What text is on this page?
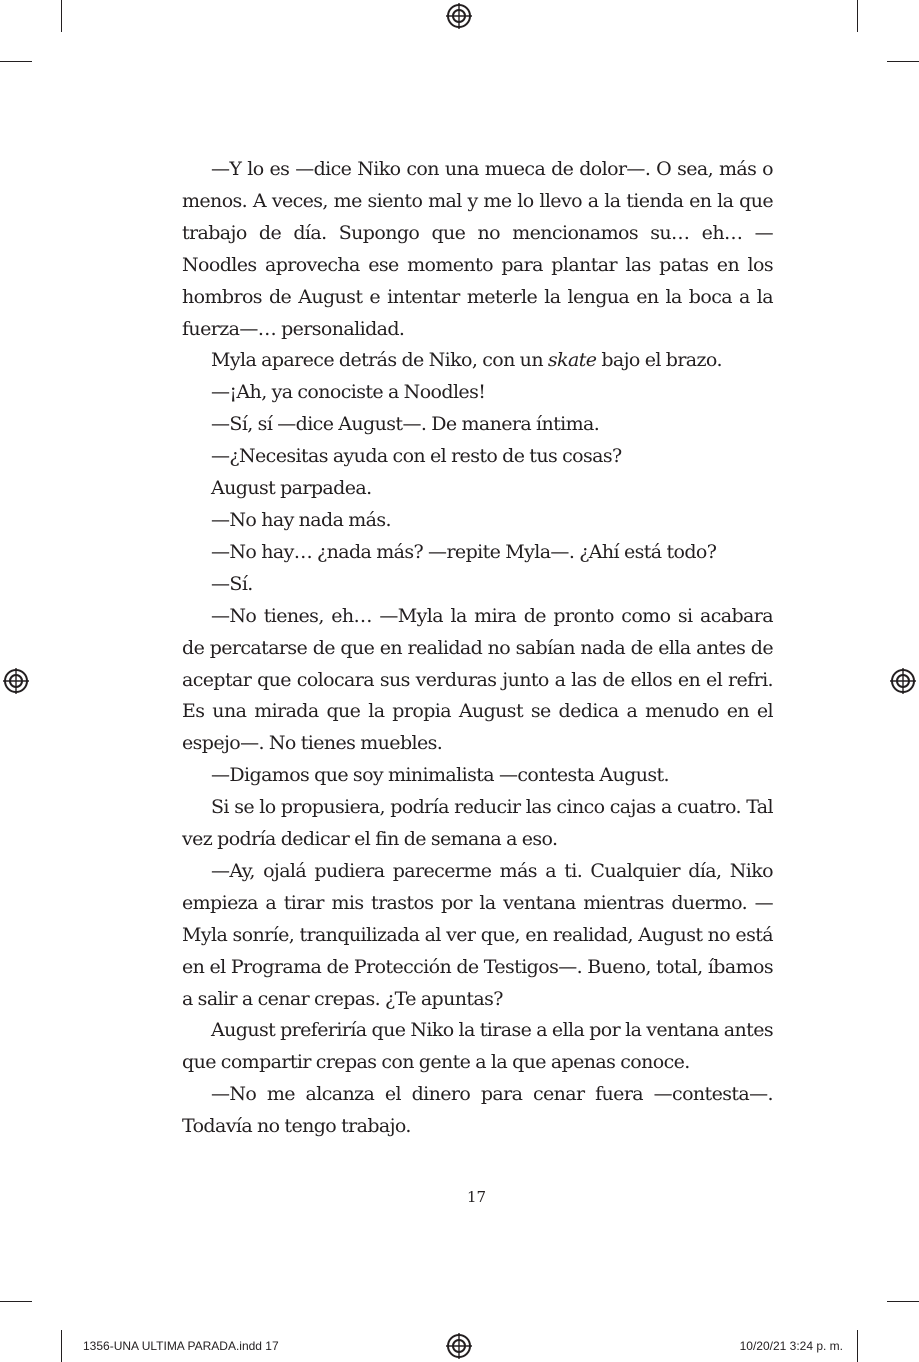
—Y lo es —dice Niko con una mueca de dolor—. O sea, más o menos. A veces, me siento mal y me lo llevo a la tienda en la que trabajo de día. Supongo que no mencionamos su… eh… —Noodles aprovecha ese momento para plantar las patas en los hombros de August e intentar meterle la lengua en la boca a la fuerza—… personalidad.

Myla aparece detrás de Niko, con un skate bajo el brazo.

—¡Ah, ya conociste a Noodles!

—Sí, sí —dice August—. De manera íntima.

—¿Necesitas ayuda con el resto de tus cosas?

August parpadea.

—No hay nada más.

—No hay… ¿nada más? —repite Myla—. ¿Ahí está todo?

—Sí.

—No tienes, eh… —Myla la mira de pronto como si acabara de percatarse de que en realidad no sabían nada de ella antes de aceptar que colocara sus verduras junto a las de ellos en el refri. Es una mirada que la propia August se dedica a menudo en el espejo—. No tienes muebles.

—Digamos que soy minimalista —contesta August.

Si se lo propusiera, podría reducir las cinco cajas a cuatro. Tal vez podría dedicar el fin de semana a eso.

—Ay, ojalá pudiera parecerme más a ti. Cualquier día, Niko empieza a tirar mis trastos por la ventana mientras duermo. —Myla sonríe, tranquilizada al ver que, en realidad, August no está en el Programa de Protección de Testigos—. Bueno, total, íbamos a salir a cenar crepas. ¿Te apuntas?

August preferiría que Niko la tirase a ella por la ventana antes que compartir crepas con gente a la que apenas conoce.

—No me alcanza el dinero para cenar fuera —contesta—. Todavía no tengo trabajo.

17
1356-UNA ULTIMA PARADA.indd 17	10/20/21 3:24 p. m.
